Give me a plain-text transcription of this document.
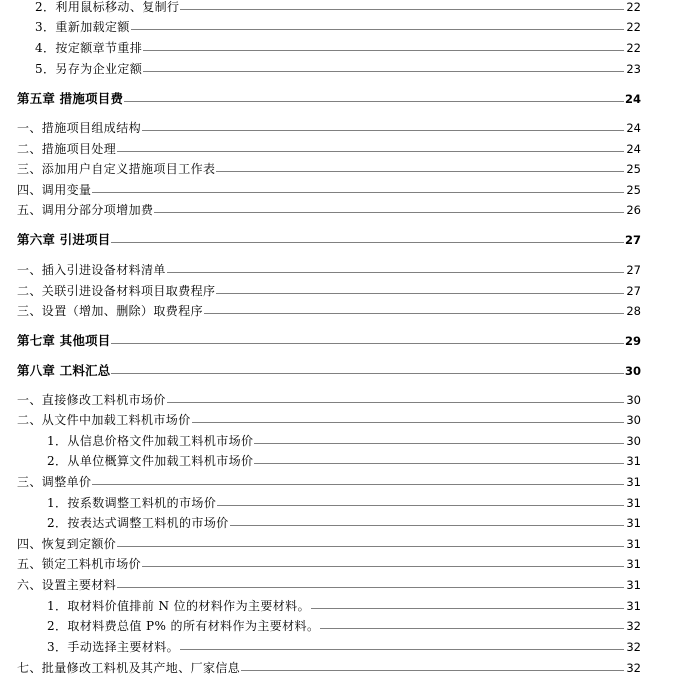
2．利用鼠标移动、复制行	22
3．重新加载定额	22
4．按定额章节重排	22
5．另存为企业定额	23
第五章 措施项目费	24
一、措施项目组成结构	24
二、措施项目处理	24
三、添加用户自定义措施项目工作表	25
四、调用变量	25
五、调用分部分项增加费	26
第六章 引进项目	27
一、插入引进设备材料清单	27
二、关联引进设备材料项目取费程序	27
三、设置（增加、删除）取费程序	28
第七章 其他项目	29
第八章 工料汇总	30
一、直接修改工料机市场价	30
二、从文件中加载工料机市场价	30
1．从信息价格文件加载工料机市场价	30
2．从单位概算文件加载工料机市场价	31
三、调整单价	31
1．按系数调整工料机的市场价	31
2．按表达式调整工料机的市场价	31
四、恢复到定额价	31
五、锁定工料机市场价	31
六、设置主要材料	31
1．取材料价值排前 N 位的材料作为主要材料。	31
2．取材料费总值 P% 的所有材料作为主要材料。	32
3．手动选择主要材料。	32
七、批量修改工料机及其产地、厂家信息	32
